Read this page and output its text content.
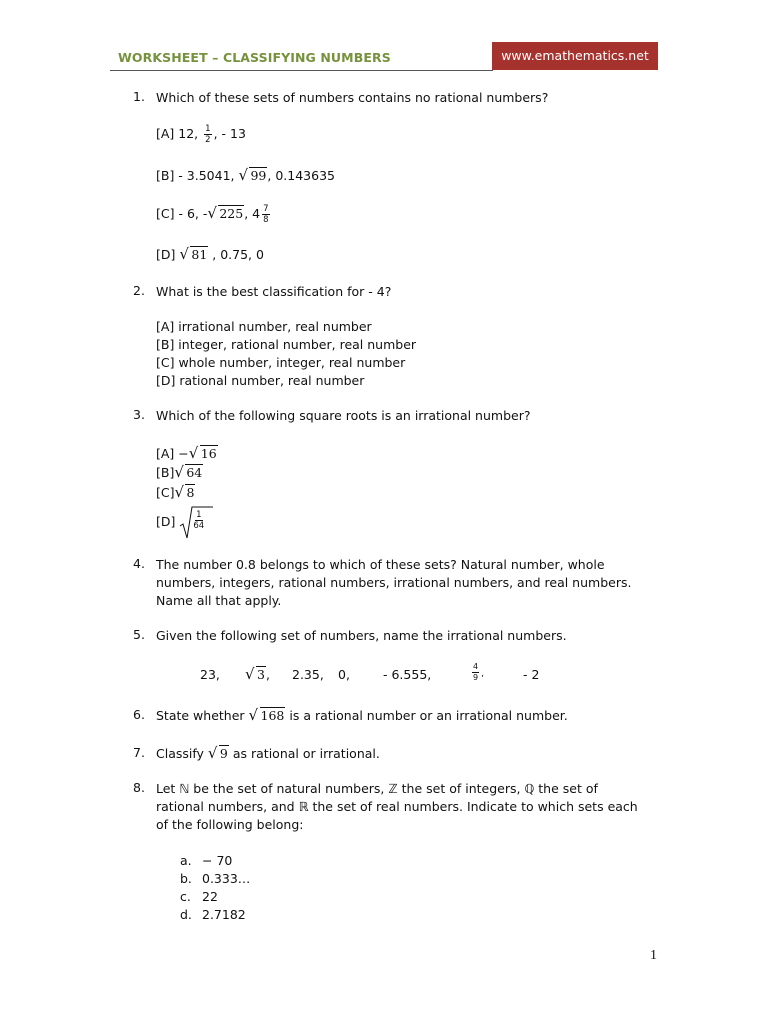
WORKSHEET – CLASSIFYING NUMBERS	www.emathematics.net
1. Which of these sets of numbers contains no rational numbers?
[A] 12, $\frac{1}{2}$ , - 13
[B] - 3.5041, √ 99, 0.143635
[C] - 6, - √ 225, $4 \frac{7}{8}$
[D] √ 81 , 0.75, 0
2. What is the best classification for - 4?
[A] irrational number, real number
[B] integer, rational number, real number
[C] whole number, integer, real number
[D] rational number, real number
3. Which of the following square roots is an irrational number?
[A] − √ 16
[B] √ 64
[C] √ 8
$[D] \frac{1}{64}$
4. The number 0.8 belongs to which of these sets? Natural number, whole numbers, integers, rational numbers, irrational numbers, and real numbers. Name all that apply.
5. Given the following set of numbers, name the irrational numbers.
23,	√ 3, 2.35, 0,	- 6.555,	$\frac{4}{9}$ ,	- 2
6. State whether √ 168 is a rational number or an irrational number.
7. Classify √ 9 as rational or irrational.
8. Let ℕ be the set of natural numbers, ℤ the set of integers, ℚ the set of rational numbers, and ℝ the set of real numbers. Indicate to which sets each of the following belong:
a. − 70
b. 0.333…
c. 22
d. 2.7182
1
